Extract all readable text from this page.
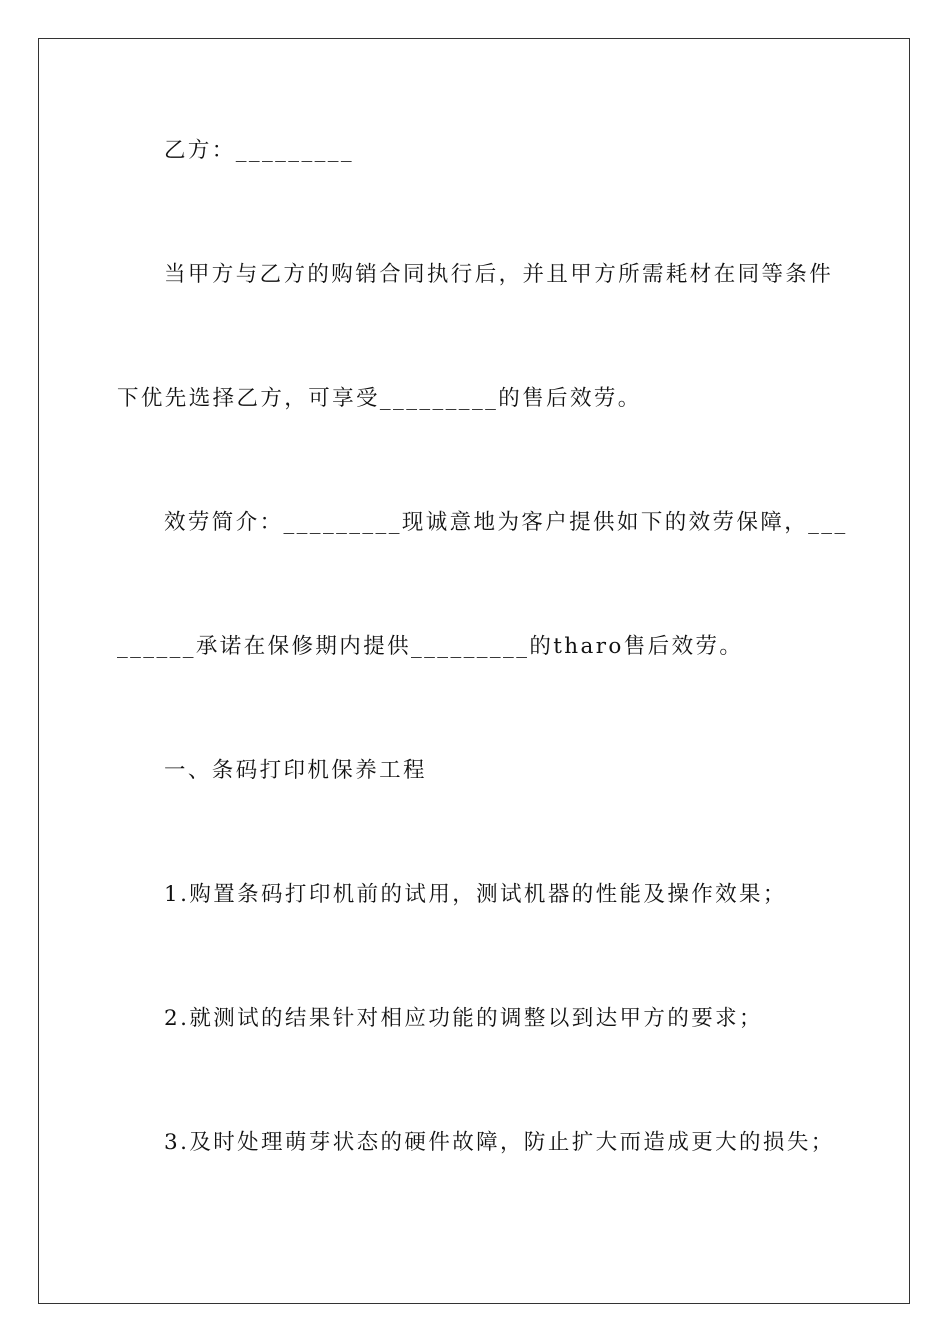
乙方：_________
当甲方与乙方的购销合同执行后，并且甲方所需耗材在同等条件
下优先选择乙方，可享受_________的售后效劳。
效劳简介：_________现诚意地为客户提供如下的效劳保障，___
______承诺在保修期内提供_________的tharo售后效劳。
一、条码打印机保养工程
1.购置条码打印机前的试用，测试机器的性能及操作效果；
2.就测试的结果针对相应功能的调整以到达甲方的要求；
3.及时处理萌芽状态的硬件故障，防止扩大而造成更大的损失；
